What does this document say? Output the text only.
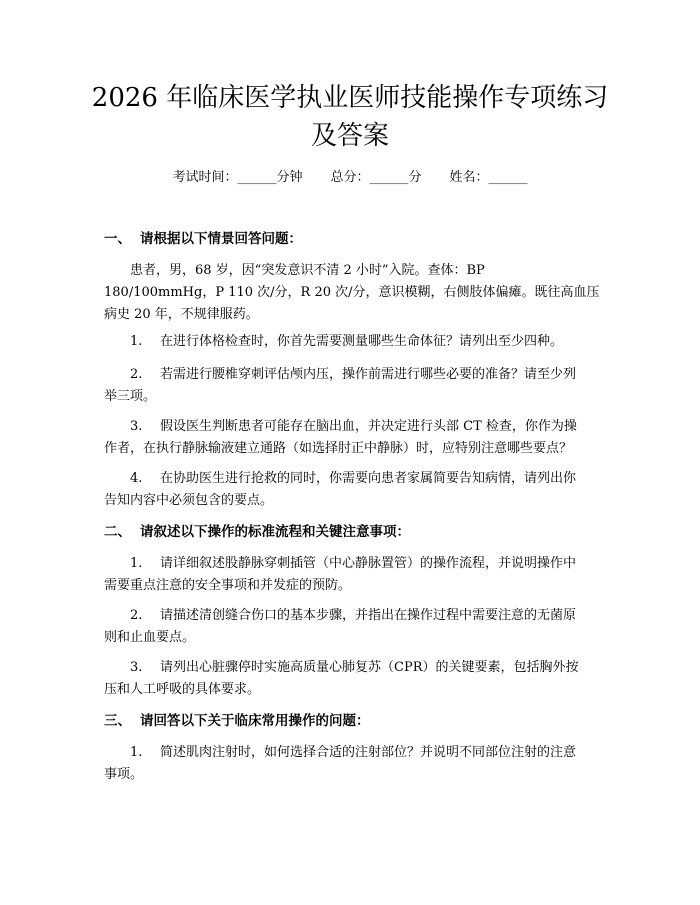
2026 年临床医学执业医师技能操作专项练习
及答案
考试时间：______分钟 总分：______分 姓名：______
一、 请根据以下情景回答问题：
患者，男，68 岁，因“突发意识不清 2 小时”入院。查体：BP
180/100mmHg，P 110 次/分，R 20 次/分，意识模糊，右侧肢体偏瘫。既往高血压
病史 20 年，不规律服药。
1. 在进行体格检查时，你首先需要测量哪些生命体征？请列出至少四种。
2. 若需进行腰椎穿刺评估颅内压，操作前需进行哪些必要的准备？请至少列
举三项。
3. 假设医生判断患者可能存在脑出血，并决定进行头部 CT 检查，你作为操
作者，在执行静脉输液建立通路（如选择肘正中静脉）时，应特别注意哪些要点？
4. 在协助医生进行抢救的同时，你需要向患者家属简要告知病情，请列出你
告知内容中必须包含的要点。
二、 请叙述以下操作的标准流程和关键注意事项：
1. 请详细叙述股静脉穿刺插管（中心静脉置管）的操作流程，并说明操作中
需要重点注意的安全事项和并发症的预防。
2. 请描述清创缝合伤口的基本步骤，并指出在操作过程中需要注意的无菌原
则和止血要点。
3. 请列出心脏骤停时实施高质量心肺复苏（CPR）的关键要素，包括胸外按
压和人工呼吸的具体要求。
三、 请回答以下关于临床常用操作的问题：
1. 简述肌肉注射时，如何选择合适的注射部位？并说明不同部位注射的注意
事项。
